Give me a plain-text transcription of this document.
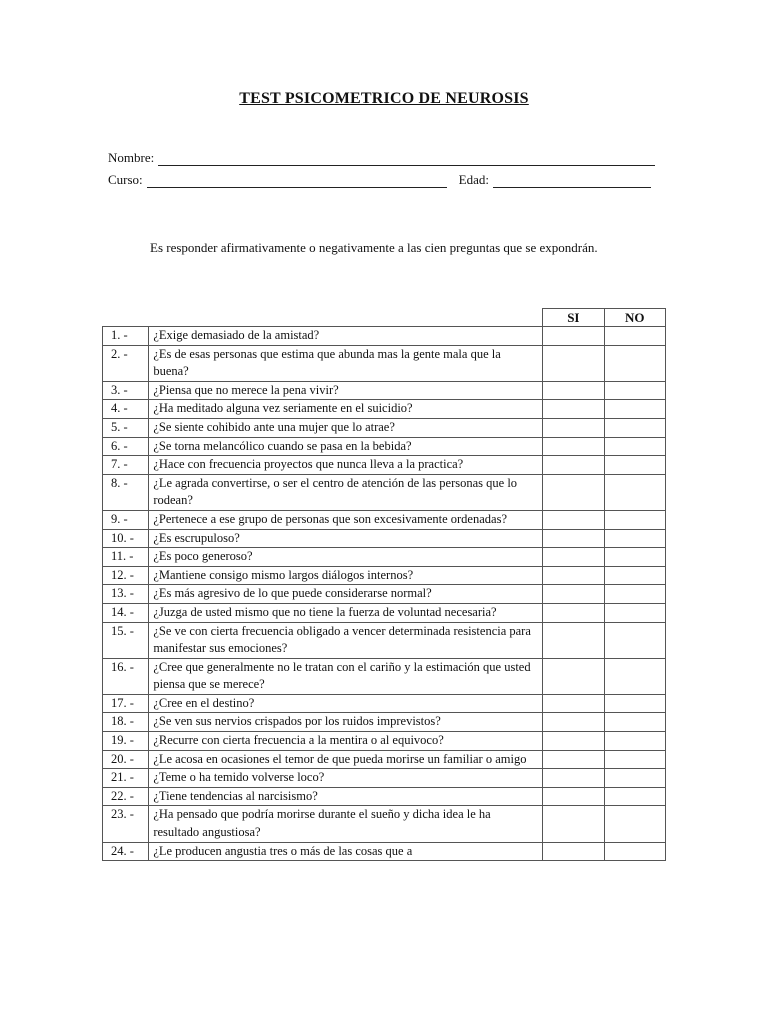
TEST PSICOMETRICO DE NEUROSIS
Nombre:
Curso:	Edad:
Es responder afirmativamente o negativamente a las cien preguntas que se expondrán.
		SI	NO
1. -	¿Exige demasiado de la amistad?		
2. -	¿Es de esas personas que estima que abunda mas la gente mala que la buena?		
3. -	¿Piensa que no merece la pena vivir?		
4. -	¿Ha meditado alguna vez seriamente en el suicidio?		
5. -	¿Se siente cohibido ante una mujer que lo atrae?		
6. -	¿Se torna melancólico cuando se pasa en la bebida?		
7. -	¿Hace con frecuencia proyectos que nunca lleva a la practica?		
8. -	¿Le agrada convertirse, o ser el centro de atención de las personas que lo rodean?		
9. -	¿Pertenece a ese grupo de personas que son excesivamente ordenadas?		
10. -	¿Es escrupuloso?		
11. -	¿Es poco generoso?		
12. -	¿Mantiene consigo mismo largos diálogos internos?		
13. -	¿Es más agresivo de lo que puede considerarse normal?		
14. -	¿Juzga de usted mismo que no tiene la fuerza de voluntad necesaria?		
15. -	¿Se ve con cierta frecuencia obligado a vencer determinada resistencia para manifestar sus emociones?		
16. -	¿Cree que generalmente no le tratan con el cariño y la estimación que usted piensa que se merece?		
17. -	¿Cree en el destino?		
18. -	¿Se ven sus nervios crispados por los ruidos imprevistos?		
19. -	¿Recurre con cierta frecuencia a la mentira o al equivoco?		
20. -	¿Le acosa en ocasiones el temor de que pueda morirse un familiar o amigo		
21. -	¿Teme o ha temido volverse loco?		
22. -	¿Tiene tendencias al narcisismo?		
23. -	¿Ha pensado que podría morirse durante el sueño y dicha idea le ha resultado angustiosa?		
24. -	¿Le producen angustia tres o más de las cosas que a		
